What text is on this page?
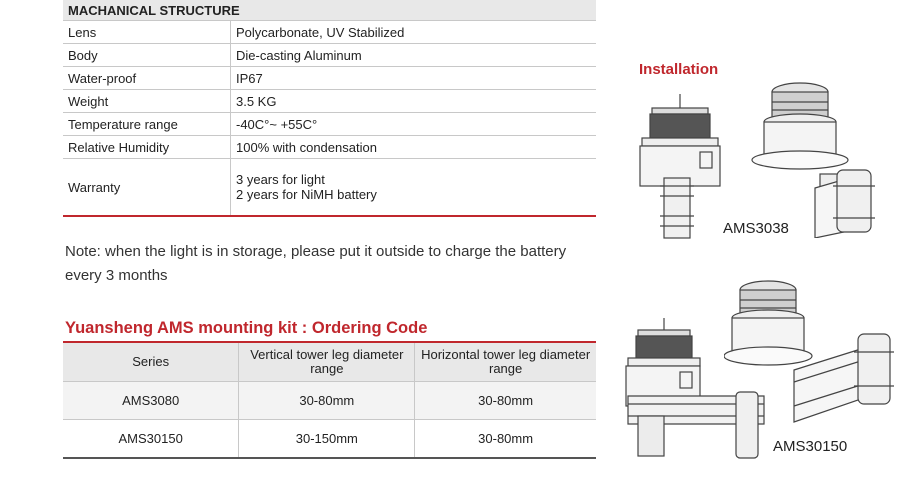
MACHANICAL STRUCTURE	
Lens	Polycarbonate, UV Stabilized
Body	Die-casting Aluminum
Water-proof	IP67
Weight	3.5 KG
Temperature range	-40C°~ +55C°
Relative Humidity	100% with condensation
Warranty	3 years for light
2 years for NiMH battery
Note: when the light is in storage, please put it outside to charge the battery every 3 months
Yuansheng AMS mounting kit : Ordering Code
Series	Vertical tower leg diameter range	Horizontal tower leg diameter range
AMS3080	30-80mm	30-80mm
AMS30150	30-150mm	30-80mm
Installation
AMS3038
AMS30150
